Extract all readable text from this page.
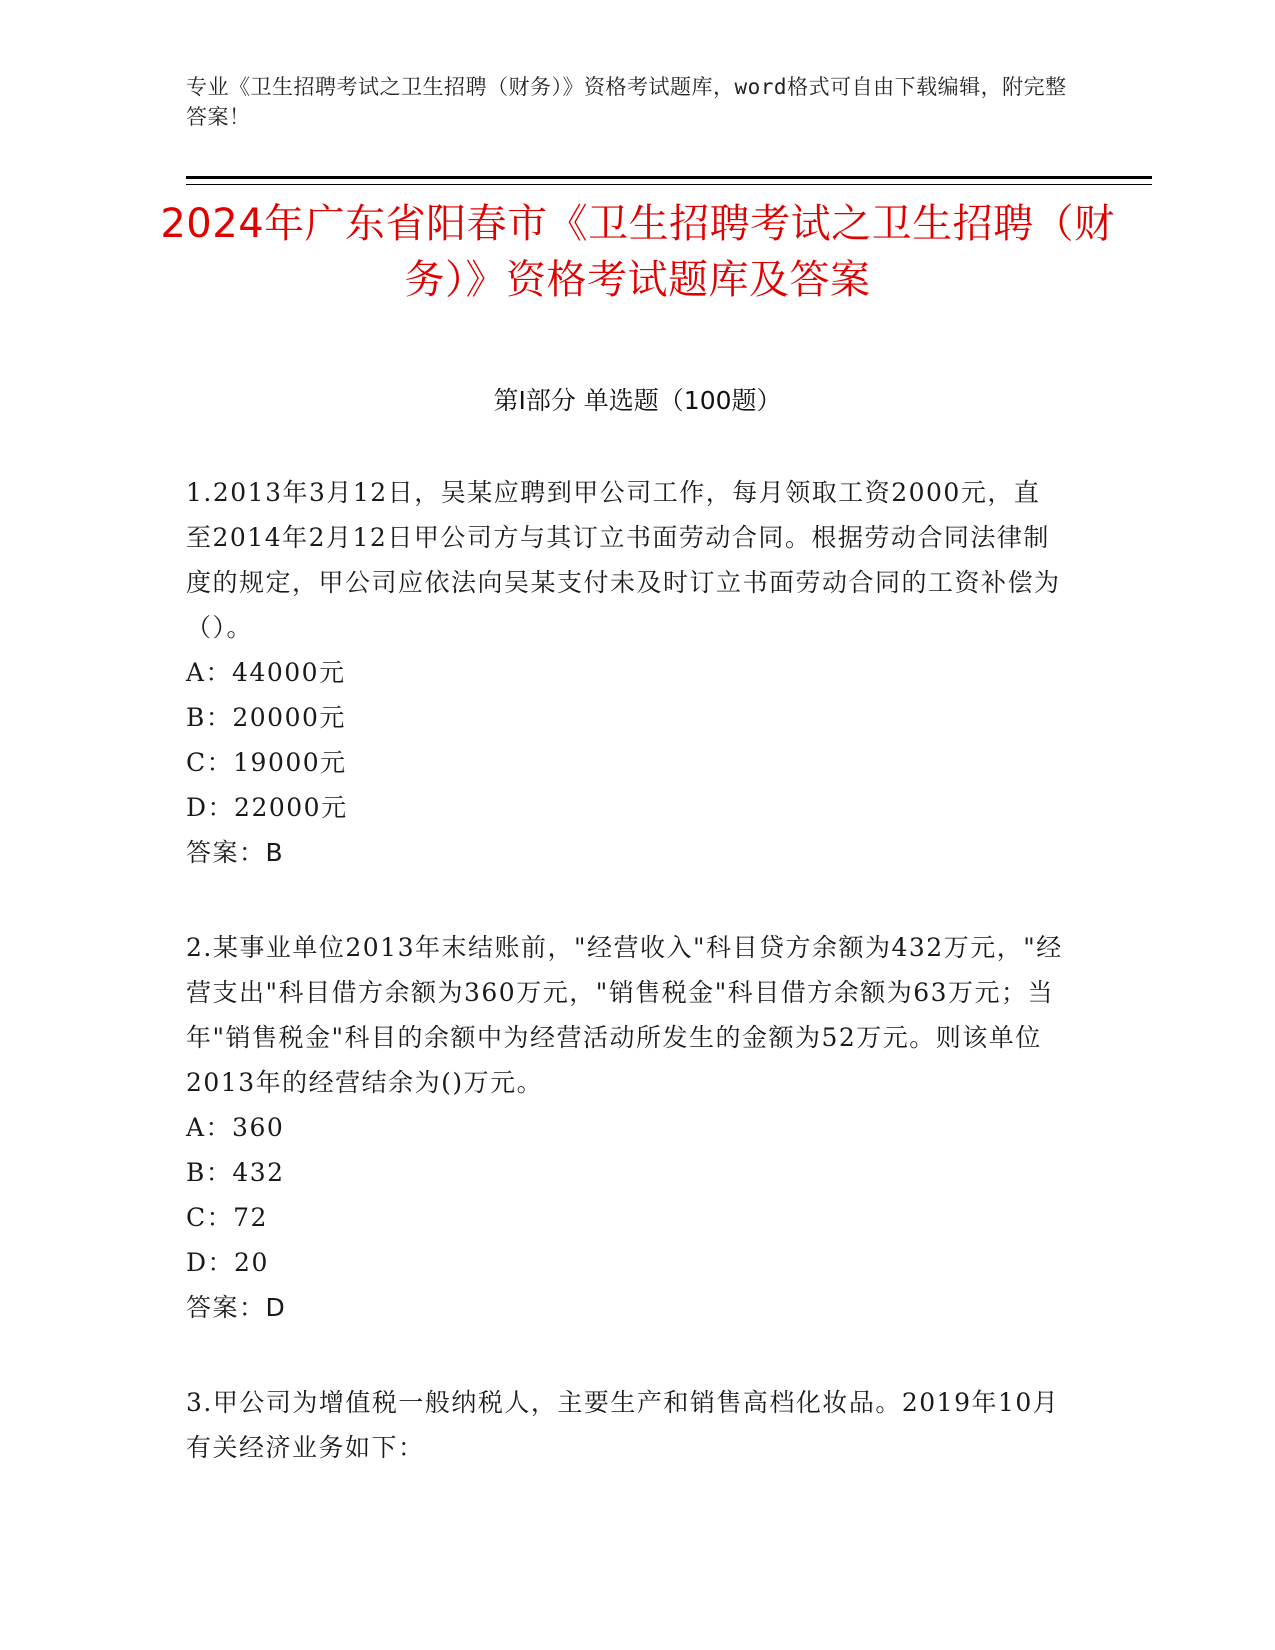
专业《卫生招聘考试之卫生招聘（财务）》资格考试题库，word格式可自由下载编辑，附完整答案！
2024年广东省阳春市《卫生招聘考试之卫生招聘（财务）》资格考试题库及答案
第I部分 单选题（100题）

1.2013年3月12日，吴某应聘到甲公司工作，每月领取工资2000元，直至2014年2月12日甲公司方与其订立书面劳动合同。根据劳动合同法律制度的规定，甲公司应依法向吴某支付未及时订立书面劳动合同的工资补偿为（）。

A：44000元

B：20000元

C：19000元

D：22000元

答案：B

2.某事业单位2013年末结账前，"经营收入"科目贷方余额为432万元，"经营支出"科目借方余额为360万元，"销售税金"科目借方余额为63万元；当年"销售税金"科目的余额中为经营活动所发生的金额为52万元。则该单位2013年的经营结余为()万元。

A：360

B：432

C：72

D：20

答案：D

3.甲公司为增值税一般纳税人，主要生产和销售高档化妆品。2019年10月有关经济业务如下：
